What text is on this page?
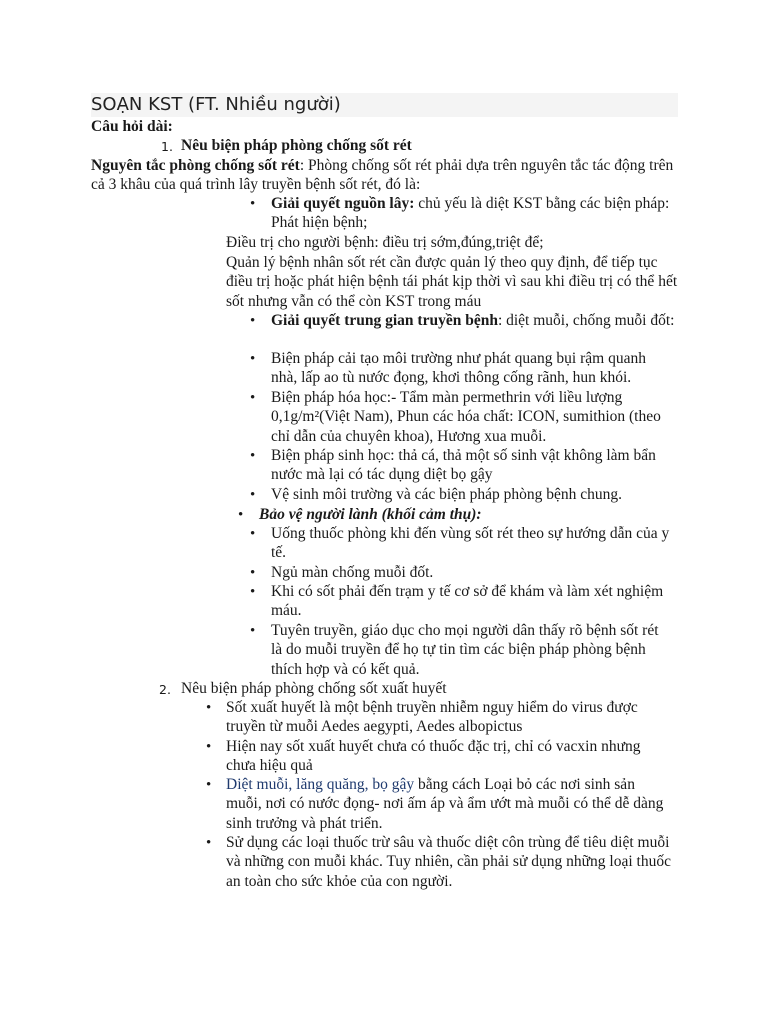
SOẠN KST (FT. Nhiều người)
Câu hỏi dài:
1. Nêu biện pháp phòng chống sốt rét
Nguyên tắc phòng chống sốt rét: Phòng chống sốt rét phải dựa trên nguyên tắc tác động trên cả 3 khâu của quá trình lây truyền bệnh sốt rét, đó là:
• Giải quyết nguồn lây: chủ yếu là diệt KST bằng các biện pháp: Phát hiện bệnh;
Điều trị cho người bệnh: điều trị sớm,đúng,triệt để;
Quản lý bệnh nhân sốt rét cần được quản lý theo quy định, để tiếp tục điều trị hoặc phát hiện bệnh tái phát kịp thời vì sau khi điều trị có thể hết sốt nhưng vẫn có thể còn KST trong máu
• Giải quyết trung gian truyền bệnh: diệt muỗi, chống muỗi đốt:
• Biện pháp cải tạo môi trường như phát quang bụi rậm quanh nhà, lấp ao tù nước đọng, khơi thông cống rãnh, hun khói.
• Biện pháp hóa học:- Tẩm màn permethrin với liều lượng 0,1g/m²(Việt Nam), Phun các hóa chất: ICON, sumithion (theo chỉ dẫn của chuyên khoa), Hương xua muỗi.
• Biện pháp sinh học: thả cá, thả một số sinh vật không làm bẩn nước mà lại có tác dụng diệt bọ gậy
• Vệ sinh môi trường và các biện pháp phòng bệnh chung.
• Bảo vệ người lành (khối cảm thụ):
• Uống thuốc phòng khi đến vùng sốt rét theo sự hướng dẫn của y tế.
• Ngủ màn chống muỗi đốt.
• Khi có sốt phải đến trạm y tế cơ sở để khám và làm xét nghiệm máu.
• Tuyên truyền, giáo dục cho mọi người dân thấy rõ bệnh sốt rét là do muỗi truyền để họ tự tin tìm các biện pháp phòng bệnh thích hợp và có kết quả.
2. Nêu biện pháp phòng chống sốt xuất huyết
• Sốt xuất huyết là một bệnh truyền nhiễm nguy hiểm do virus được truyền từ muỗi Aedes aegypti, Aedes albopictus
• Hiện nay sốt xuất huyết chưa có thuốc đặc trị, chỉ có vacxin nhưng chưa hiệu quả
• Diệt muỗi, lăng quăng, bọ gậy bằng cách Loại bỏ các nơi sinh sản muỗi, nơi có nước đọng- nơi ấm áp và ẩm ướt mà muỗi có thể dễ dàng sinh trưởng và phát triển.
• Sử dụng các loại thuốc trừ sâu và thuốc diệt côn trùng để tiêu diệt muỗi và những con muỗi khác. Tuy nhiên, cần phải sử dụng những loại thuốc an toàn cho sức khỏe của con người.
